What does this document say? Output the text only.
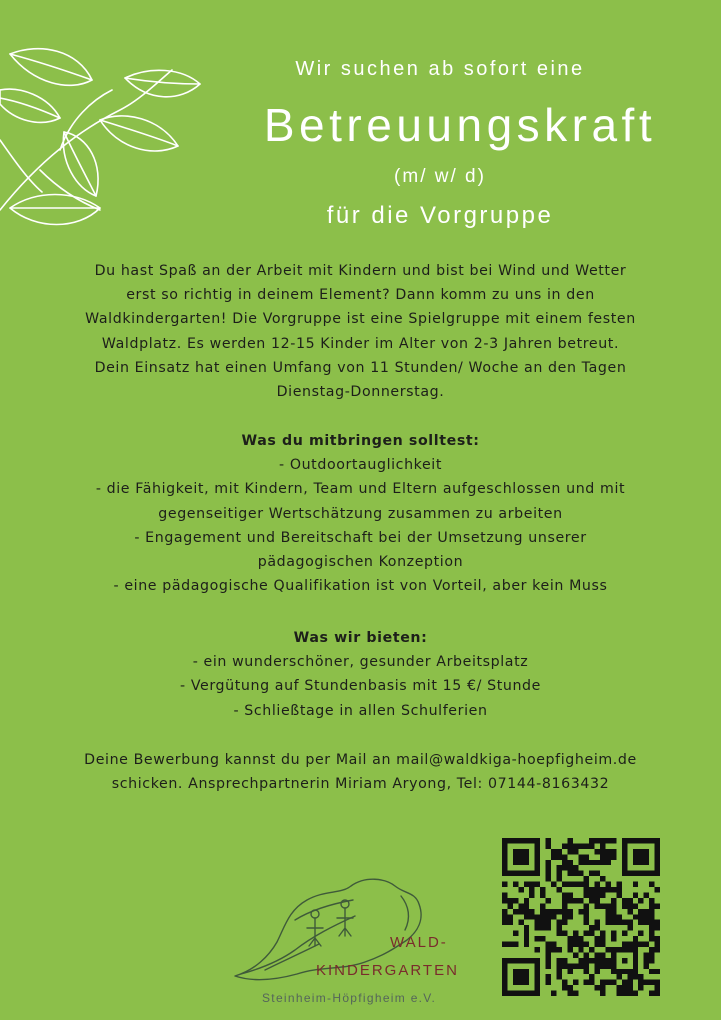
Wir suchen ab sofort eine
Betreuungskraft
(m/ w/ d)
für die Vorgruppe
Du hast Spaß an der Arbeit mit Kindern und bist bei Wind und Wetter
erst so richtig in deinem Element? Dann komm zu uns in den
Waldkindergarten! Die Vorgruppe ist eine Spielgruppe mit einem festen
Waldplatz. Es werden 12-15 Kinder im Alter von 2-3 Jahren betreut.
Dein Einsatz hat einen Umfang von 11 Stunden/ Woche an den Tagen
Dienstag-Donnerstag.
Was du mitbringen solltest:
- Outdoortauglichkeit
- die Fähigkeit, mit Kindern, Team und Eltern aufgeschlossen und mit
gegenseitiger Wertschätzung zusammen zu arbeiten
- Engagement und Bereitschaft bei der Umsetzung unserer
pädagogischen Konzeption
- eine pädagogische Qualifikation ist von Vorteil, aber kein Muss
Was wir bieten:
- ein wunderschöner, gesunder Arbeitsplatz
- Vergütung auf Stundenbasis mit 15 €/ Stunde
- Schließtage in allen Schulferien
Deine Bewerbung kannst du per Mail an mail@waldkiga-hoepfigheim.de
schicken. Ansprechpartnerin Miriam Aryong, Tel: 07144-8163432
WALD-
KINDERGARTEN
Steinheim-Höpfigheim e.V.
